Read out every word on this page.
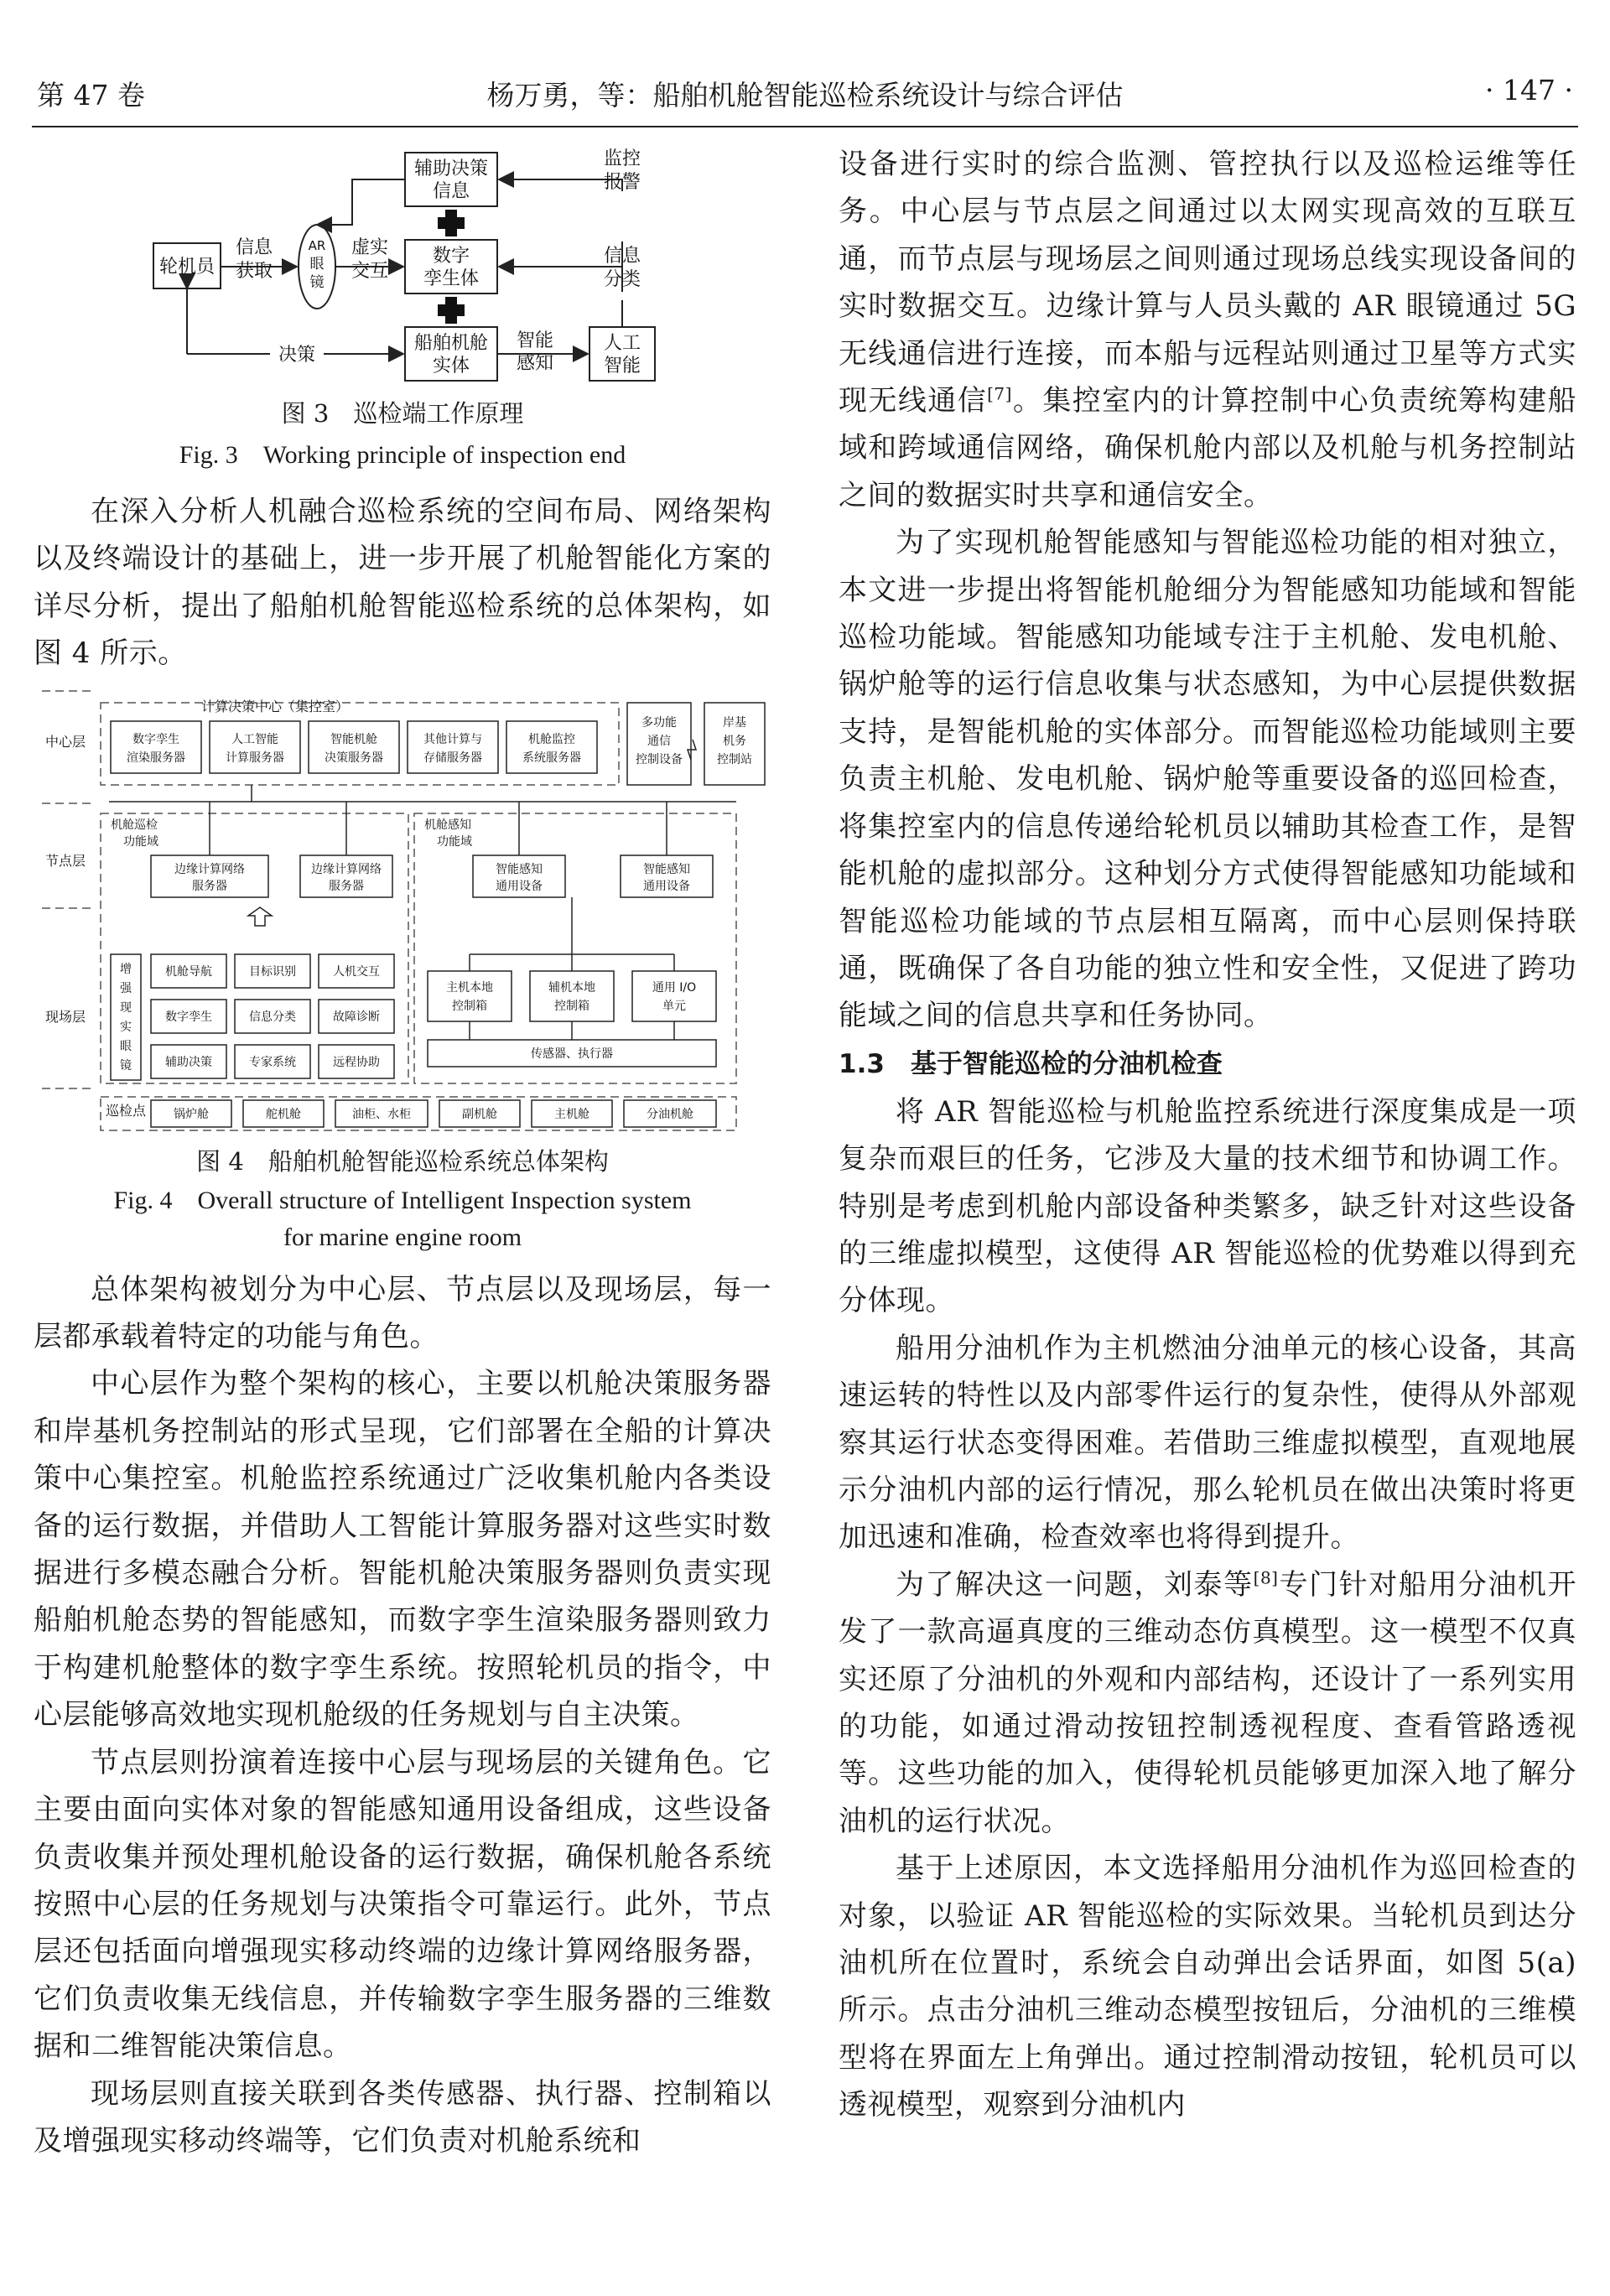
第 47 卷	杨万勇，等：船舶机舱智能巡检系统设计与综合评估	· 147 ·
轮机员
信息
获取
AR
眼
镜
虚实
交互
辅助决策
信息
数字
孪生体
船舶机舱
实体
监控
报警
信息
分类
智能
感知
人工
智能
决策

图 3　巡检端工作原理

Fig. 3　Working principle of inspection end

在深入分析人机融合巡检系统的空间布局、网络架构以及终端设计的基础上，进一步开展了机舱智能化方案的详尽分析，提出了船舶机舱智能巡检系统的总体架构，如图 4 所示。

中心层
节点层
现场层
巡检点
计算决策中心（集控室）
数字孪生
渲染服务器
人工智能
计算服务器
智能机舱
决策服务器
其他计算与
存储服务器
机舱监控
系统服务器
多功能
通信
控制设备
岸基
机务
控制站
机舱巡检
功能域
机舱感知
功能域
边缘计算网络
服务器
边缘计算网络
服务器
智能感知
通用设备
智能感知
通用设备
增
强
现
实
眼
镜
机舱导航	目标识别	人机交互
数字孪生	信息分类	故障诊断
辅助决策	专家系统	远程协助
主机本地
控制箱
辅机本地
控制箱
通用 I/O
单元
传感器、执行器
锅炉舱	舵机舱	油柜、水柜	副机舱	主机舱	分油机舱

图 4　船舶机舱智能巡检系统总体架构

Fig. 4　Overall structure of Intelligent Inspection system

for marine engine room

总体架构被划分为中心层、节点层以及现场层，每一层都承载着特定的功能与角色。

中心层作为整个架构的核心，主要以机舱决策服务器和岸基机务控制站的形式呈现，它们部署在全船的计算决策中心集控室。机舱监控系统通过广泛收集机舱内各类设备的运行数据，并借助人工智能计算服务器对这些实时数据进行多模态融合分析。智能机舱决策服务器则负责实现船舶机舱态势的智能感知，而数字孪生渲染服务器则致力于构建机舱整体的数字孪生系统。按照轮机员的指令，中心层能够高效地实现机舱级的任务规划与自主决策。

节点层则扮演着连接中心层与现场层的关键角色。它主要由面向实体对象的智能感知通用设备组成，这些设备负责收集并预处理机舱设备的运行数据，确保机舱各系统按照中心层的任务规划与决策指令可靠运行。此外，节点层还包括面向增强现实移动终端的边缘计算网络服务器，它们负责收集无线信息，并传输数字孪生服务器的三维数据和二维智能决策信息。

现场层则直接关联到各类传感器、执行器、控制箱以及增强现实移动终端等，它们负责对机舱系统和

设备进行实时的综合监测、管控执行以及巡检运维等任务。中心层与节点层之间通过以太网实现高效的互联互通，而节点层与现场层之间则通过现场总线实现设备间的实时数据交互。边缘计算与人员头戴的 AR 眼镜通过 5G 无线通信进行连接，而本船与远程站则通过卫星等方式实现无线通信[7]。集控室内的计算控制中心负责统筹构建船域和跨域通信网络，确保机舱内部以及机舱与机务控制站之间的数据实时共享和通信安全。

为了实现机舱智能感知与智能巡检功能的相对独立，本文进一步提出将智能机舱细分为智能感知功能域和智能巡检功能域。智能感知功能域专注于主机舱、发电机舱、锅炉舱等的运行信息收集与状态感知，为中心层提供数据支持，是智能机舱的实体部分。而智能巡检功能域则主要负责主机舱、发电机舱、锅炉舱等重要设备的巡回检查，将集控室内的信息传递给轮机员以辅助其检查工作，是智能机舱的虚拟部分。这种划分方式使得智能感知功能域和智能巡检功能域的节点层相互隔离，而中心层则保持联通，既确保了各自功能的独立性和安全性，又促进了跨功能域之间的信息共享和任务协同。

1.3　基于智能巡检的分油机检查

将 AR 智能巡检与机舱监控系统进行深度集成是一项复杂而艰巨的任务，它涉及大量的技术细节和协调工作。特别是考虑到机舱内部设备种类繁多，缺乏针对这些设备的三维虚拟模型，这使得 AR 智能巡检的优势难以得到充分体现。

船用分油机作为主机燃油分油单元的核心设备，其高速运转的特性以及内部零件运行的复杂性，使得从外部观察其运行状态变得困难。若借助三维虚拟模型，直观地展示分油机内部的运行情况，那么轮机员在做出决策时将更加迅速和准确，检查效率也将得到提升。

为了解决这一问题，刘泰等[8]专门针对船用分油机开发了一款高逼真度的三维动态仿真模型。这一模型不仅真实还原了分油机的外观和内部结构，还设计了一系列实用的功能，如通过滑动按钮控制透视程度、查看管路透视等。这些功能的加入，使得轮机员能够更加深入地了解分油机的运行状况。

基于上述原因，本文选择船用分油机作为巡回检查的对象，以验证 AR 智能巡检的实际效果。当轮机员到达分油机所在位置时，系统会自动弹出会话界面，如图 5(a) 所示。点击分油机三维动态模型按钮后，分油机的三维模型将在界面左上角弹出。通过控制滑动按钮，轮机员可以透视模型，观察到分油机内
